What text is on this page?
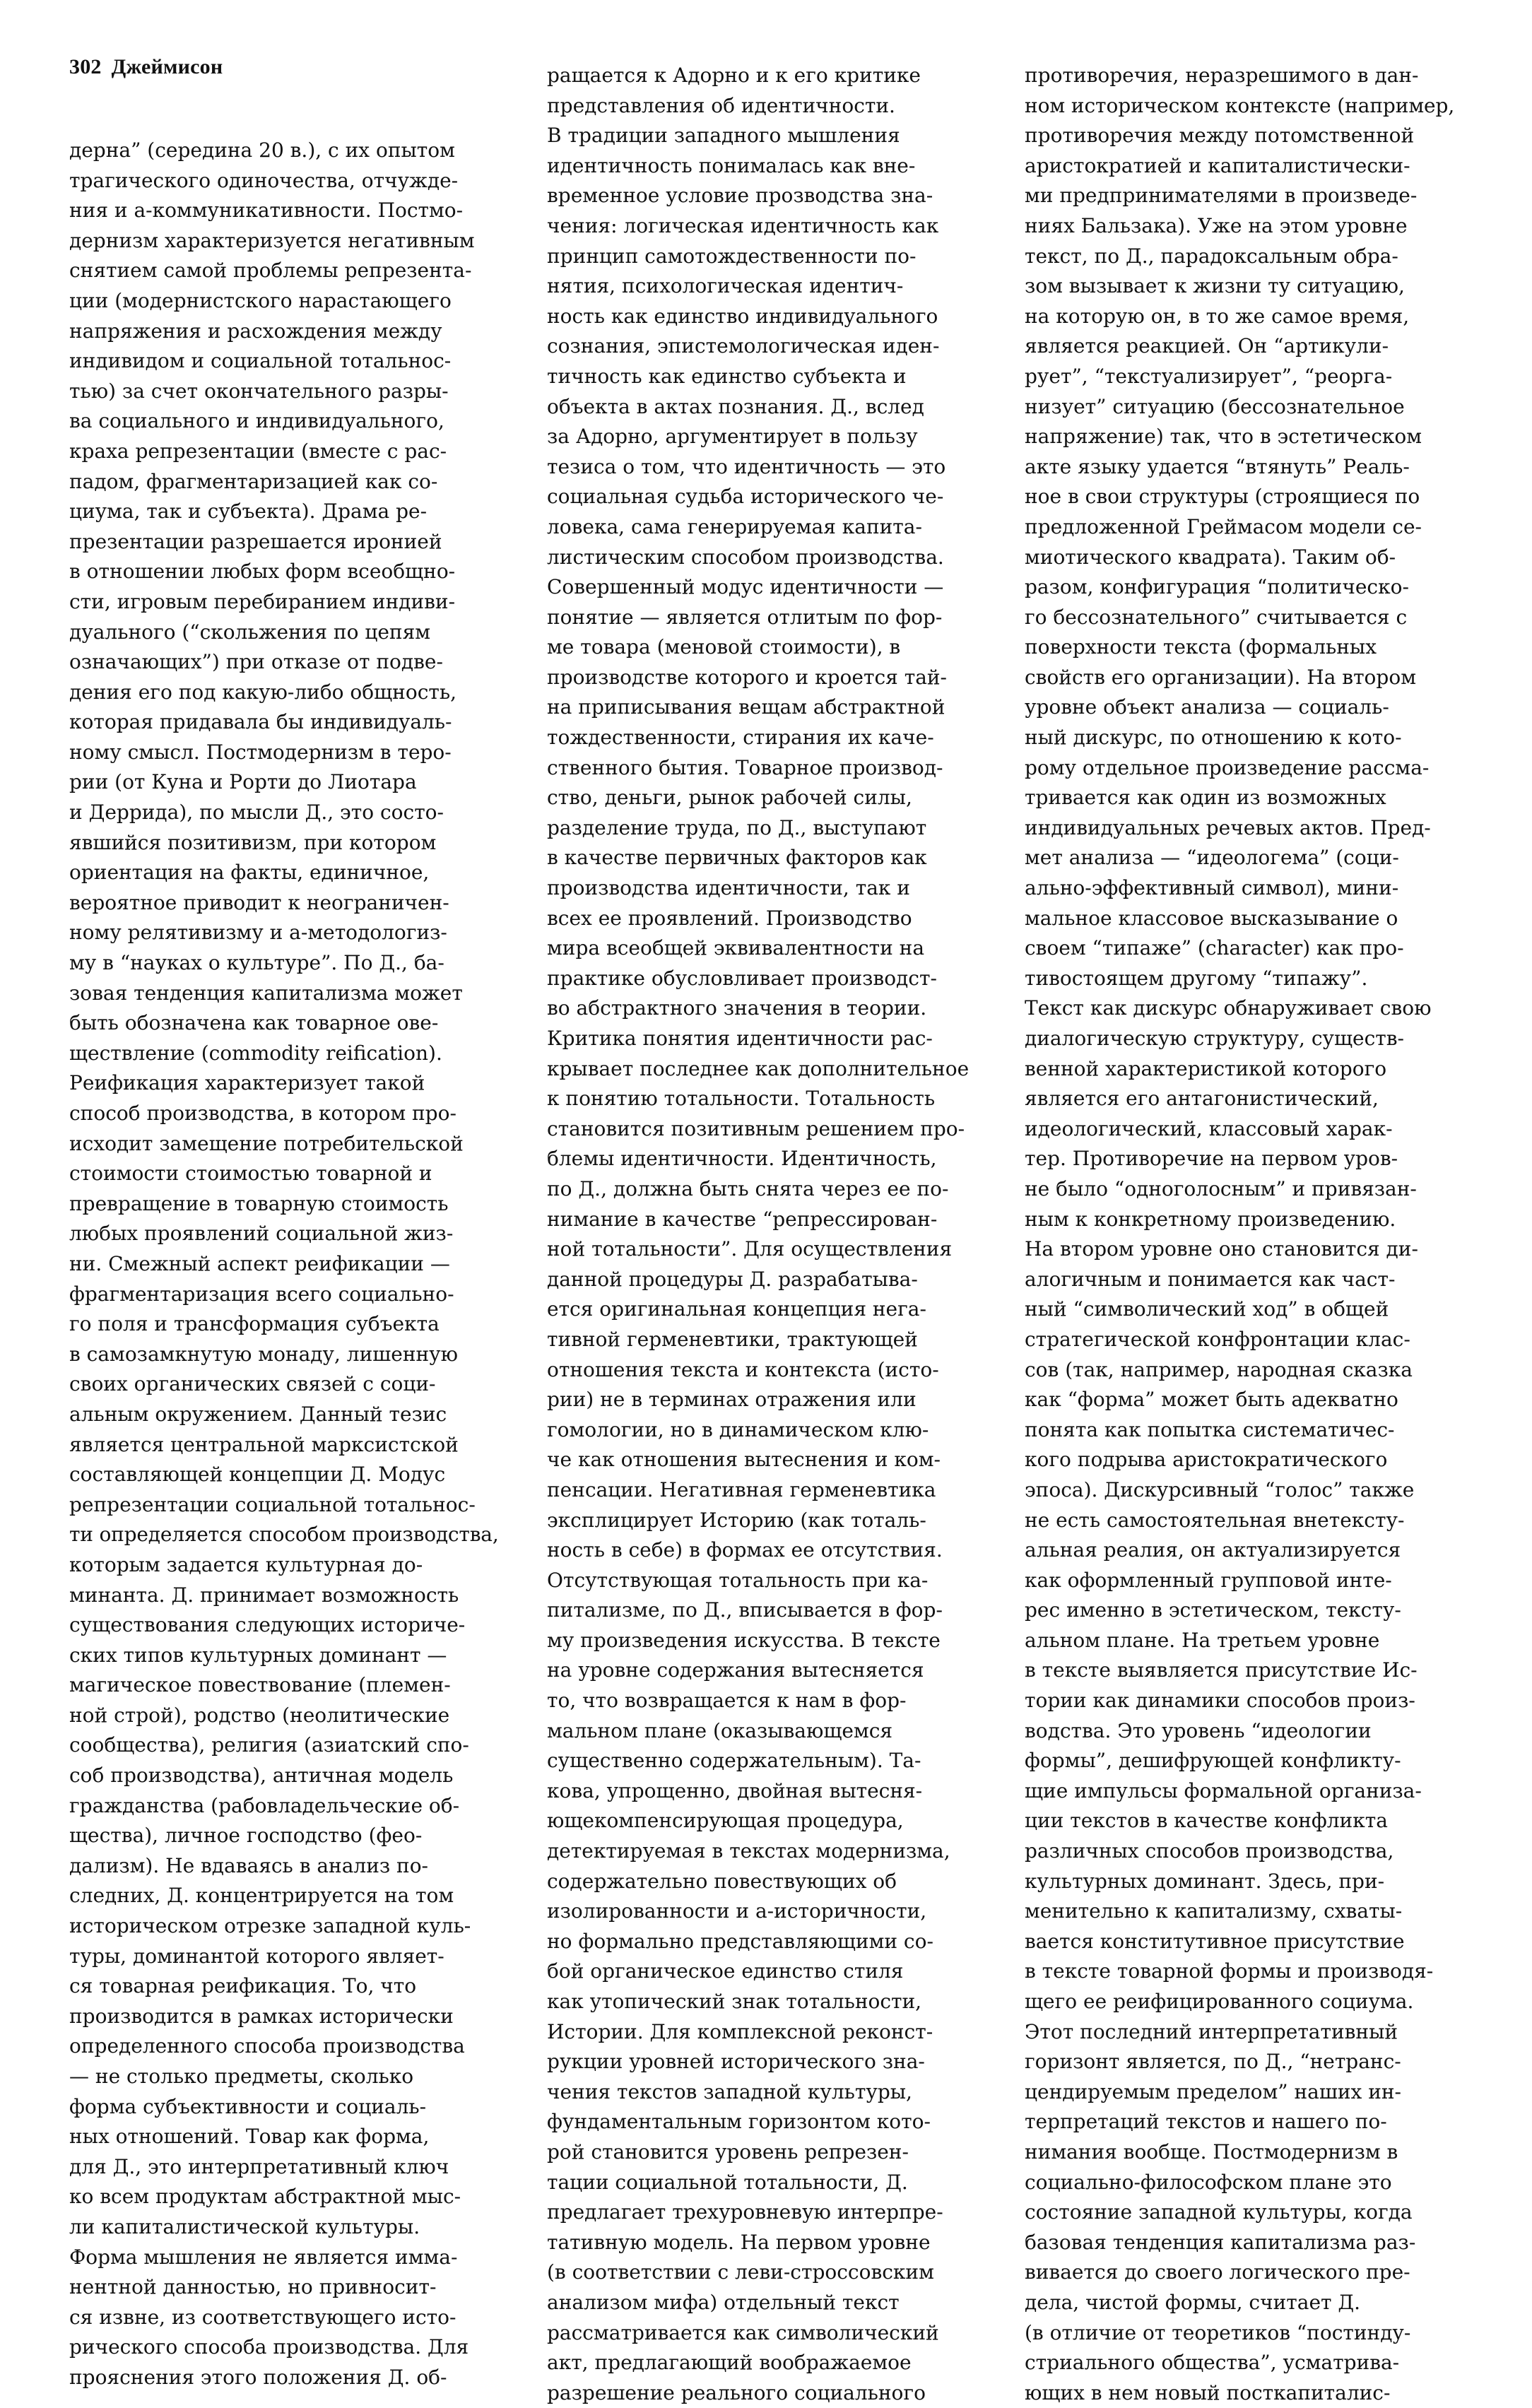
302 Джеймисон
дерна” (середина 20 в.), с их опытом
трагического одиночества, отчужде-
ния и а-коммуникативности. Постмо-
дернизм характеризуется негативным
снятием самой проблемы репрезента-
ции (модернистского нарастающего
напряжения и расхождения между
индивидом и социальной тотальнос-
тью) за счет окончательного разры-
ва социального и индивидуального,
краха репрезентации (вместе с рас-
падом, фрагментаризацией как со-
циума, так и субъекта). Драма ре-
презентации разрешается иронией
в отношении любых форм всеобщно-
сти, игровым перебиранием индиви-
дуального (“скольжения по цепям
означающих”) при отказе от подве-
дения его под какую-либо общность,
которая придавала бы индивидуаль-
ному смысл. Постмодернизм в теро-
рии (от Куна и Рорти до Лиотара
и Деррида), по мысли Д., это состо-
явшийся позитивизм, при котором
ориентация на факты, единичное,
вероятное приводит к неограничен-
ному релятивизму и а-методологиз-
му в “науках о культуре”. По Д., ба-
зовая тенденция капитализма может
быть обозначена как товарное ове-
ществление (commodity reification).
Реификация характеризует такой
способ производства, в котором про-
исходит замещение потребительской
стоимости стоимостью товарной и
превращение в товарную стоимость
любых проявлений социальной жиз-
ни. Смежный аспект реификации —
фрагментаризация всего социально-
го поля и трансформация субъекта
в самозамкнутую монаду, лишенную
своих органических связей с соци-
альным окружением. Данный тезис
является центральной марксистской
составляющей концепции Д. Модус
репрезентации социальной тотальнос-
ти определяется способом производства,
которым задается культурная до-
минанта. Д. принимает возможность
существования следующих историче-
ских типов культурных доминант —
магическое повествование (племен-
ной строй), родство (неолитические
сообщества), религия (азиатский спо-
соб производства), античная модель
гражданства (рабовладельческие об-
щества), личное господство (фео-
дализм). Не вдаваясь в анализ по-
следних, Д. концентрируется на том
историческом отрезке западной куль-
туры, доминантой которого являет-
ся товарная реификация. То, что
производится в рамках исторически
определенного способа производства
— не столько предметы, сколько
форма субъективности и социаль-
ных отношений. Товар как форма,
для Д., это интерпретативный ключ
ко всем продуктам абстрактной мыс-
ли капиталистической культуры.
Форма мышления не является имма-
нентной данностью, но привносит-
ся извне, из соответствующего исто-
рического способа производства. Для
прояснения этого положения Д. об-
ращается к Адорно и к его критике
представления об идентичности.
В традиции западного мышления
идентичность понималась как вне-
временное условие прозводства зна-
чения: логическая идентичность как
принцип самотождественности по-
нятия, психологическая идентич-
ность как единство индивидуального
сознания, эпистемологическая иден-
тичность как единство субъекта и
объекта в актах познания. Д., вслед
за Адорно, аргументирует в пользу
тезиса о том, что идентичность — это
социальная судьба исторического че-
ловека, сама генерируемая капита-
листическим способом производства.
Совершенный модус идентичности —
понятие — является отлитым по фор-
ме товара (меновой стоимости), в
производстве которого и кроется тай-
на приписывания вещам абстрактной
тождественности, стирания их каче-
ственного бытия. Товарное производ-
ство, деньги, рынок рабочей силы,
разделение труда, по Д., выступают
в качестве первичных факторов как
производства идентичности, так и
всех ее проявлений. Производство
мира всеобщей эквивалентности на
практике обусловливает производст-
во абстрактного значения в теории.
Критика понятия идентичности рас-
крывает последнее как дополнительное
к понятию тотальности. Тотальность
становится позитивным решением про-
блемы идентичности. Идентичность,
по Д., должна быть снята через ее по-
нимание в качестве “репрессирован-
ной тотальности”. Для осуществления
данной процедуры Д. разрабатыва-
ется оригинальная концепция нега-
тивной герменевтики, трактующей
отношения текста и контекста (исто-
рии) не в терминах отражения или
гомологии, но в динамическом клю-
че как отношения вытеснения и ком-
пенсации. Негативная герменевтика
эксплицирует Историю (как тоталь-
ность в себе) в формах ее отсутствия.
Отсутствующая тотальность при ка-
питализме, по Д., вписывается в фор-
му произведения искусства. В тексте
на уровне содержания вытесняется
то, что возвращается к нам в фор-
мальном плане (оказывающемся
существенно содержательным). Та-
кова, упрощенно, двойная вытесня-
ющекомпенсирующая процедура,
детектируемая в текстах модернизма,
содержательно повествующих об
изолированности и а-историчности,
но формально представляющими со-
бой органическое единство стиля
как утопический знак тотальности,
Истории. Для комплексной реконст-
рукции уровней исторического зна-
чения текстов западной культуры,
фундаментальным горизонтом кото-
рой становится уровень репрезен-
тации социальной тотальности, Д.
предлагает трехуровневую интерпре-
тативную модель. На первом уровне
(в соответствии с леви-строссовским
анализом мифа) отдельный текст
рассматривается как символический
акт, предлагающий воображаемое
разрешение реального социального
противоречия, неразрешимого в дан-
ном историческом контексте (например,
противоречия между потомственной
аристократией и капиталистически-
ми предпринимателями в произведе-
ниях Бальзака). Уже на этом уровне
текст, по Д., парадоксальным обра-
зом вызывает к жизни ту ситуацию,
на которую он, в то же самое время,
является реакцией. Он “артикули-
рует”, “текстуализирует”, “реорга-
низует” ситуацию (бессознательное
напряжение) так, что в эстетическом
акте языку удается “втянуть” Реаль-
ное в свои структуры (строящиеся по
предложенной Греймасом модели се-
миотического квадрата). Таким об-
разом, конфигурация “политическо-
го бессознательного” считывается с
поверхности текста (формальных
свойств его организации). На втором
уровне объект анализа — социаль-
ный дискурс, по отношению к кото-
рому отдельное произведение рассма-
тривается как один из возможных
индивидуальных речевых актов. Пред-
мет анализа — “идеологема” (соци-
ально-эффективный символ), мини-
мальное классовое высказывание о
своем “типаже” (character) как про-
тивостоящем другому “типажу”.
Текст как дискурс обнаруживает свою
диалогическую структуру, существ-
венной характеристикой которого
является его антагонистический,
идеологический, классовый харак-
тер. Противоречие на первом уров-
не было “одноголосным” и привязан-
ным к конкретному произведению.
На втором уровне оно становится ди-
алогичным и понимается как част-
ный “символический ход” в общей
стратегической конфронтации клас-
сов (так, например, народная сказка
как “форма” может быть адекватно
понята как попытка систематичес-
кого подрыва аристократического
эпоса). Дискурсивный “голос” также
не есть самостоятельная внетексту-
альная реалия, он актуализируется
как оформленный групповой инте-
рес именно в эстетическом, тексту-
альном плане. На третьем уровне
в тексте выявляется присутствие Ис-
тории как динамики способов произ-
водства. Это уровень “идеологии
формы”, дешифрующей конфликту-
щие импульсы формальной организа-
ции текстов в качестве конфликта
различных способов производства,
культурных доминант. Здесь, при-
менительно к капитализму, схваты-
вается конститутивное присутствие
в тексте товарной формы и производя-
щего ее реифицированного социума.
Этот последний интерпретативный
горизонт является, по Д., “нетранс-
цендируемым пределом” наших ин-
терпретаций текстов и нашего по-
нимания вообще. Постмодернизм в
социально-философском плане это
состояние западной культуры, когда
базовая тенденция капитализма раз-
вивается до своего логического пре-
дела, чистой формы, считает Д.
(в отличие от теоретиков “постинду-
стриального общества”, усматрива-
ющих в нем новый посткапиталис-
